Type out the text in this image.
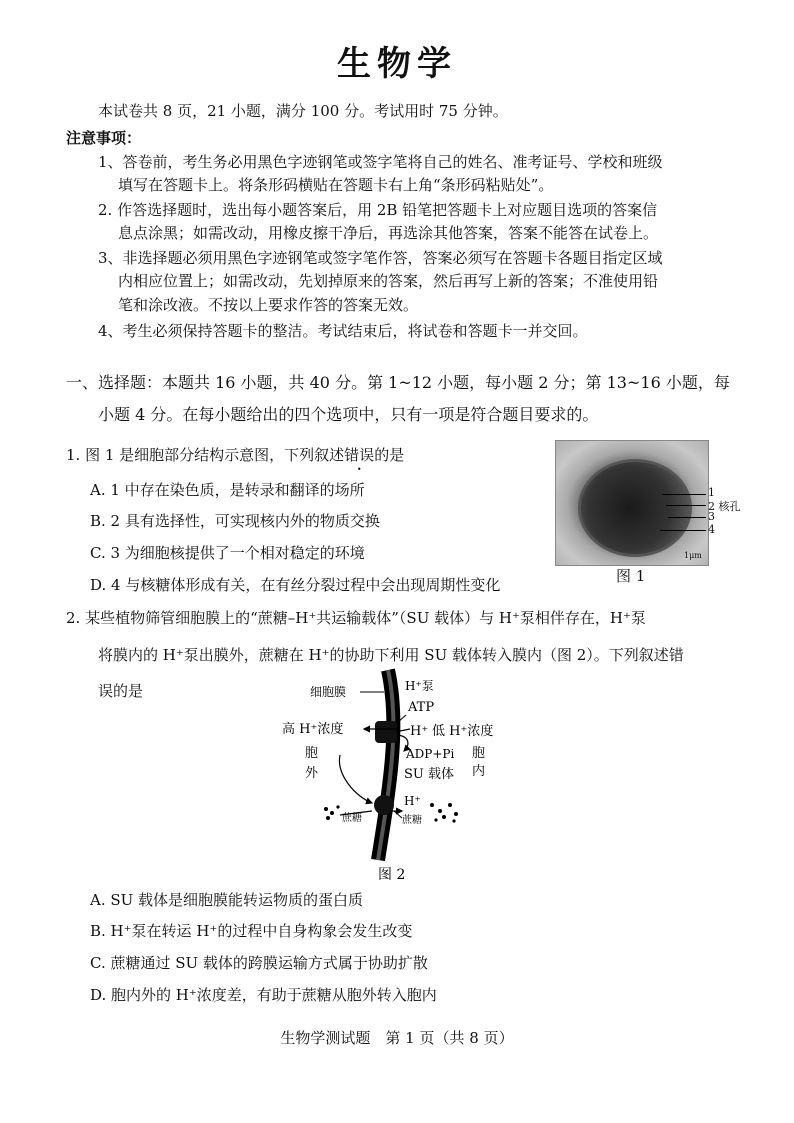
生物学
本试卷共 8 页，21 小题，满分 100 分。考试用时 75 分钟。
注意事项：
1、答卷前，考生务必用黑色字迹钢笔或签字笔将自己的姓名、准考证号、学校和班级
填写在答题卡上。将条形码横贴在答题卡右上角“条形码粘贴处”。
2. 作答选择题时，选出每小题答案后，用 2B 铅笔把答题卡上对应题目选项的答案信
息点涂黑；如需改动，用橡皮擦干净后，再选涂其他答案，答案不能答在试卷上。
3、非选择题必须用黑色字迹钢笔或签字笔作答，答案必须写在答题卡各题目指定区域
内相应位置上；如需改动，先划掉原来的答案，然后再写上新的答案；不准使用铅
笔和涂改液。不按以上要求作答的答案无效。
4、考生必须保持答题卡的整洁。考试结束后，将试卷和答题卡一并交回。
一、选择题：本题共 16 小题，共 40 分。第 1~12 小题，每小题 2 分；第 13~16 小题，每
小题 4 分。在每小题给出的四个选项中，只有一项是符合题目要求的。
1. 图 1 是细胞部分结构示意图，下列叙述错误的是
A. 1 中存在染色质，是转录和翻译的场所
B. 2 具有选择性，可实现核内外的物质交换
C. 3 为细胞核提供了一个相对稳定的环境
D. 4 与核糖体形成有关，在有丝分裂过程中会出现周期性变化
1μm
1
2 核孔
3
4
图 1
2. 某些植物筛管细胞膜上的“蔗糖–H⁺共运输载体”（SU 载体）与 H⁺泵相伴存在，H⁺泵
将膜内的 H⁺泵出膜外，蔗糖在 H⁺的协助下利用 SU 载体转入膜内（图 2）。下列叙述错
误的是	细胞膜	H⁺泵
ATP
高 H⁺浓度	H⁺ 低 H⁺浓度
ADP+Pi
胞
外
胞
内
SU 载体
H⁺
蔗糖	蔗糖
图 2
A. SU 载体是细胞膜能转运物质的蛋白质
B. H⁺泵在转运 H⁺的过程中自身构象会发生改变
C. 蔗糖通过 SU 载体的跨膜运输方式属于协助扩散
D. 胞内外的 H⁺浓度差，有助于蔗糖从胞外转入胞内
生物学测试题　第 1 页（共 8 页）
